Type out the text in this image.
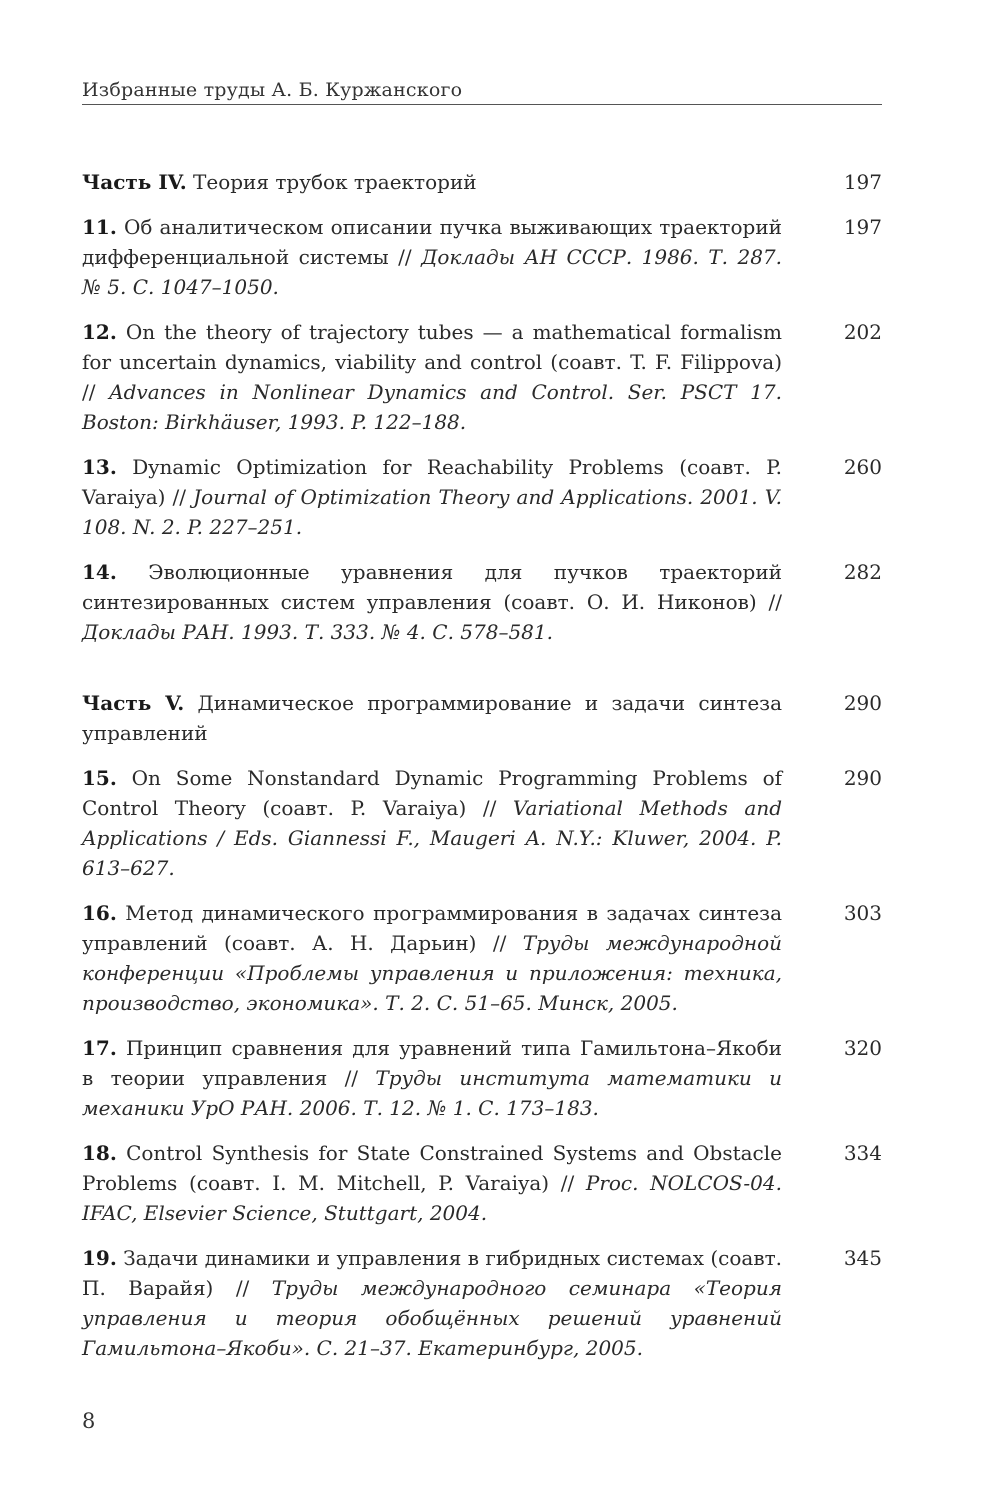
Избранные труды А. Б. Куржанского
Часть IV. Теория трубок траекторий	197
11. Об аналитическом описании пучка выживающих траекторий дифференциальной системы // Доклады АН СССР. 1986. Т. 287. № 5. С. 1047–1050.
197
12. On the theory of trajectory tubes — a mathematical formalism for uncertain dynamics, viability and control (соавт. T. F. Filippova) // Advances in Nonlinear Dynamics and Control. Ser. PSCT 17. Boston: Birkhäuser, 1993. P. 122–188.
202
13. Dynamic Optimization for Reachability Problems (соавт. P. Varaiya) // Journal of Optimization Theory and Applications. 2001. V. 108. N. 2. P. 227–251.
260
14. Эволюционные уравнения для пучков траекторий синтезированных систем управления (соавт. О. И. Никонов) // Доклады РАН. 1993. Т. 333. № 4. С. 578–581.
282
Часть V. Динамическое программирование и задачи синтеза управлений
290
15. On Some Nonstandard Dynamic Programming Problems of Control Theory (соавт. P. Varaiya) // Variational Methods and Applications / Eds. Giannessi F., Maugeri A. N.Y.: Kluwer, 2004. P. 613–627.
290
16. Метод динамического программирования в задачах синтеза управлений (соавт. А. Н. Дарьин) // Труды международной конференции «Проблемы управления и приложения: техника, производство, экономика». Т. 2. С. 51–65. Минск, 2005.
303
17. Принцип сравнения для уравнений типа Гамильтона–Якоби в теории управления // Труды института математики и механики УрО РАН. 2006. Т. 12. № 1. С. 173–183.
320
18. Control Synthesis for State Constrained Systems and Obstacle Problems (соавт. I. M. Mitchell, P. Varaiya) // Proc. NOLCOS-04. IFAC, Elsevier Science, Stuttgart, 2004.
334
19. Задачи динамики и управления в гибридных системах (соавт. П. Варайя) // Труды международного семинара «Теория управления и теория обобщённых решений уравнений Гамильтона–Якоби». С. 21–37. Екатеринбург, 2005.
345
8
